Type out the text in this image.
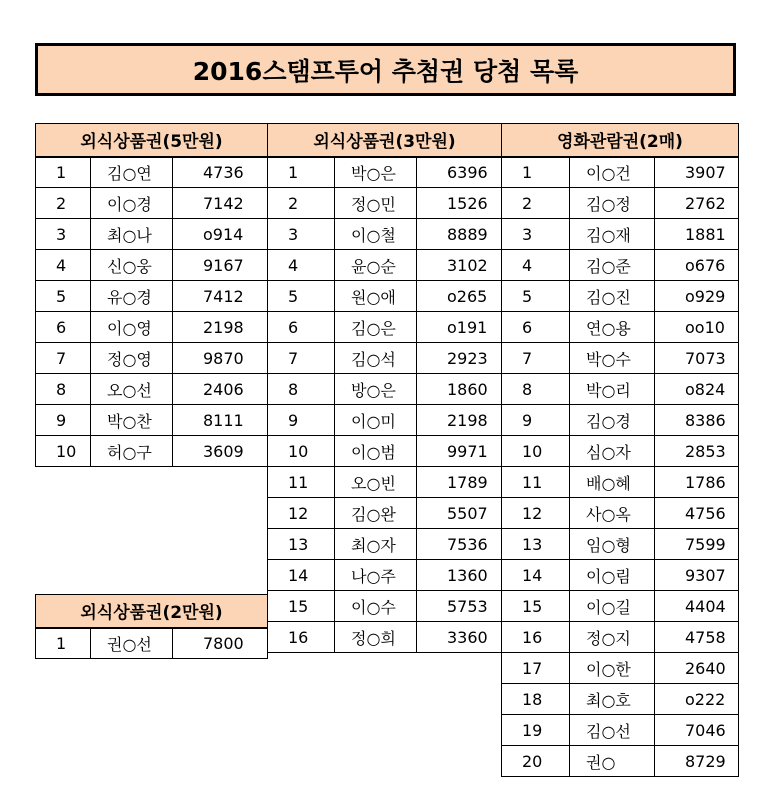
2016스탬프투어 추첨권 당첨 목록
외식상품권(5만원)		
1	김○연	4736
2	이○경	7142
3	최○나	o914
4	신○웅	9167
5	유○경	7412
6	이○영	2198
7	정○영	9870
8	오○선	2406
9	박○찬	8111
10	허○구	3609
외식상품권(3만원)		
1	박○은	6396
2	정○민	1526
3	이○철	8889
4	윤○순	3102
5	원○애	o265
6	김○은	o191
7	김○석	2923
8	방○은	1860
9	이○미	2198
10	이○범	9971
11	오○빈	1789
12	김○완	5507
13	최○자	7536
14	나○주	1360
15	이○수	5753
16	정○희	3360
영화관람권(2매)		
1	이○건	3907
2	김○정	2762
3	김○재	1881
4	김○준	o676
5	김○진	o929
6	연○용	oo10
7	박○수	7073
8	박○리	o824
9	김○경	8386
10	심○자	2853
11	배○혜	1786
12	사○옥	4756
13	임○형	7599
14	이○림	9307
15	이○길	4404
16	정○지	4758
17	이○한	2640
18	최○호	o222
19	김○선	7046
20	권○	8729
외식상품권(2만원)
1	권○선	7800
